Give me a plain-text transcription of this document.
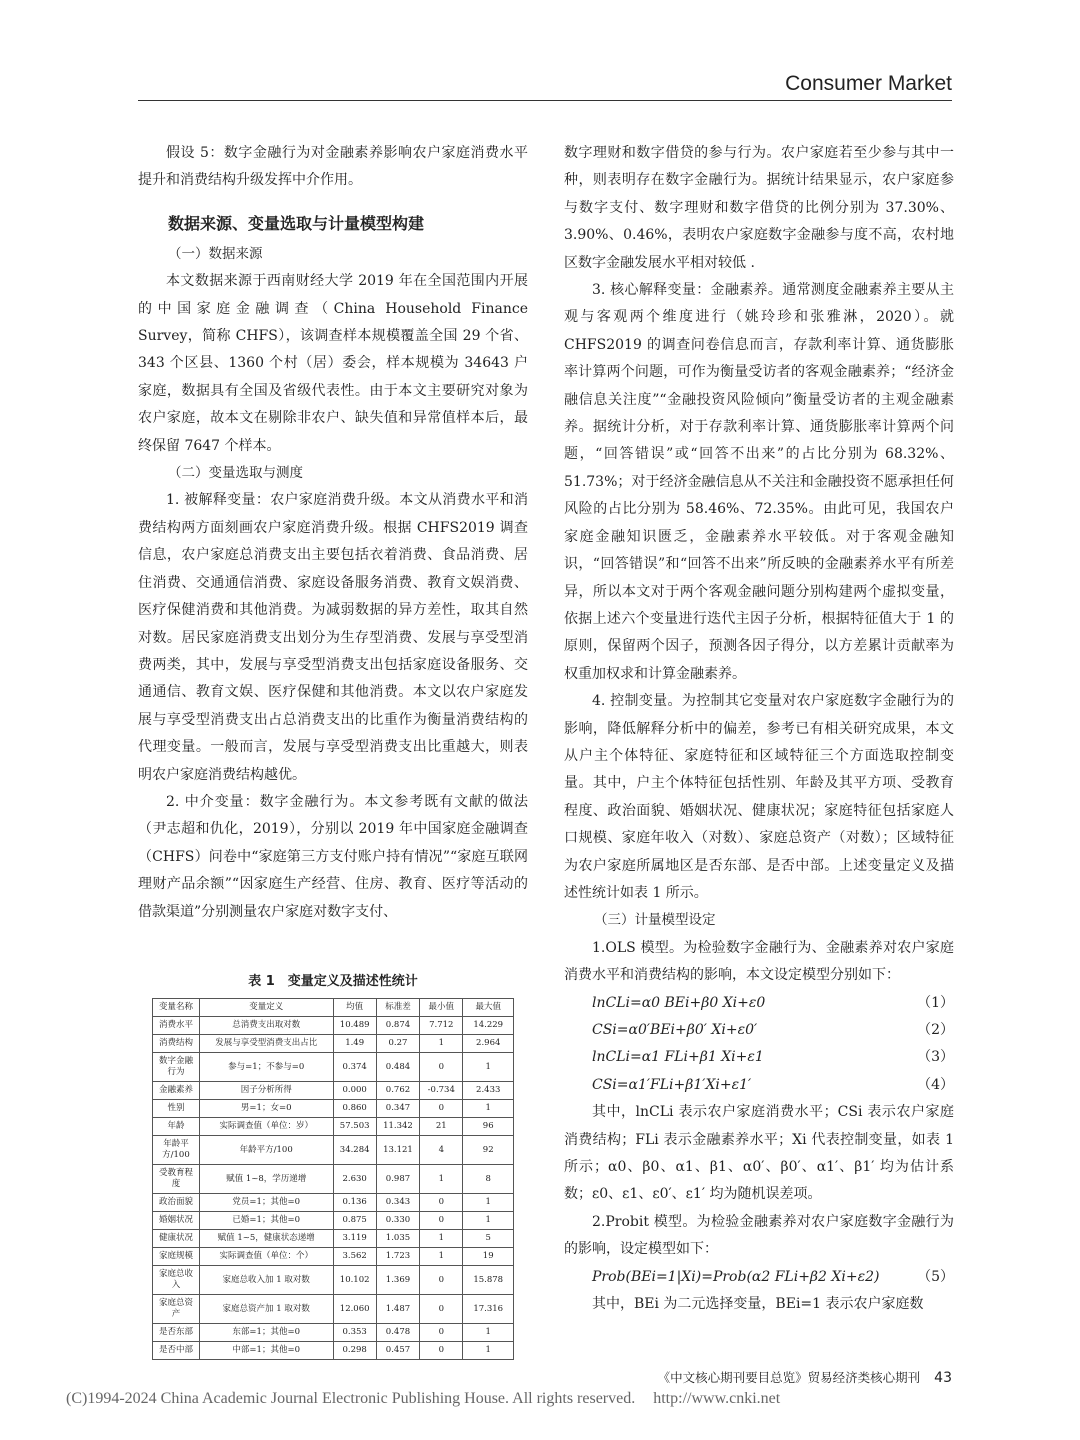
Consumer Market

假设 5：数字金融行为对金融素养影响农户家庭消费水平提升和消费结构升级发挥中介作用。

数据来源、变量选取与计量模型构建

（一）数据来源

本文数据来源于西南财经大学 2019 年在全国范围内开展的中国家庭金融调查（China Household Finance Survey，简称 CHFS），该调查样本规模覆盖全国 29 个省、343 个区县、1360 个村（居）委会，样本规模为 34643 户家庭，数据具有全国及省级代表性。由于本文主要研究对象为农户家庭，故本文在剔除非农户、缺失值和异常值样本后，最终保留 7647 个样本。

（二）变量选取与测度

1. 被解释变量：农户家庭消费升级。本文从消费水平和消费结构两方面刻画农户家庭消费升级。根据 CHFS2019 调查信息，农户家庭总消费支出主要包括衣着消费、食品消费、居住消费、交通通信消费、家庭设备服务消费、教育文娱消费、医疗保健消费和其他消费。为减弱数据的异方差性，取其自然对数。居民家庭消费支出划分为生存型消费、发展与享受型消费两类，其中，发展与享受型消费支出包括家庭设备服务、交通通信、教育文娱、医疗保健和其他消费。本文以农户家庭发展与享受型消费支出占总消费支出的比重作为衡量消费结构的代理变量。一般而言，发展与享受型消费支出比重越大，则表明农户家庭消费结构越优。

2. 中介变量：数字金融行为。本文参考既有文献的做法（尹志超和仇化，2019），分别以 2019 年中国家庭金融调查（CHFS）问卷中“家庭第三方支付账户持有情况”“家庭互联网理财产品余额”“因家庭生产经营、住房、教育、医疗等活动的借款渠道”分别测量农户家庭对数字支付、

表 1　变量定义及描述性统计
变量名称	变量定义	均值	标准差	最小值	最大值
消费水平	总消费支出取对数	10.489	0.874	7.712	14.229
消费结构	发展与享受型消费支出占比	1.49	0.27	1	2.964
数字金融行为	参与=1；不参与=0	0.374	0.484	0	1
金融素养	因子分析所得	0.000	0.762	-0.734	2.433
性别	男=1；女=0	0.860	0.347	0	1
年龄	实际调查值（单位：岁）	57.503	11.342	21	96
年龄平方/100	年龄平方/100	34.284	13.121	4	92
受教育程度	赋值 1~8，学历递增	2.630	0.987	1	8
政治面貌	党员=1；其他=0	0.136	0.343	0	1
婚姻状况	已婚=1；其他=0	0.875	0.330	0	1
健康状况	赋值 1~5，健康状态递增	3.119	1.035	1	5
家庭规模	实际调查值（单位：个）	3.562	1.723	1	19
家庭总收入	家庭总收入加 1 取对数	10.102	1.369	0	15.878
家庭总资产	家庭总资产加 1 取对数	12.060	1.487	0	17.316
是否东部	东部=1；其他=0	0.353	0.478	0	1
是否中部	中部=1；其他=0	0.298	0.457	0	1

数字理财和数字借贷的参与行为。农户家庭若至少参与其中一种，则表明存在数字金融行为。据统计结果显示，农户家庭参与数字支付、数字理财和数字借贷的比例分别为 37.30%、3.90%、0.46%，表明农户家庭数字金融参与度不高，农村地区数字金融发展水平相对较低 .

3. 核心解释变量：金融素养。通常测度金融素养主要从主观与客观两个维度进行（姚玲珍和张雅淋，2020）。就 CHFS2019 的调查问卷信息而言，存款利率计算、通货膨胀率计算两个问题，可作为衡量受访者的客观金融素养；“经济金融信息关注度”“金融投资风险倾向”衡量受访者的主观金融素养。据统计分析，对于存款利率计算、通货膨胀率计算两个问题，“回答错误”或“回答不出来”的占比分别为 68.32%、51.73%；对于经济金融信息从不关注和金融投资不愿承担任何风险的占比分别为 58.46%、72.35%。由此可见，我国农户家庭金融知识匮乏，金融素养水平较低。对于客观金融知识，“回答错误”和“回答不出来”所反映的金融素养水平有所差异，所以本文对于两个客观金融问题分别构建两个虚拟变量，依据上述六个变量进行迭代主因子分析，根据特征值大于 1 的原则，保留两个因子，预测各因子得分，以方差累计贡献率为权重加权求和计算金融素养。

4. 控制变量。为控制其它变量对农户家庭数字金融行为的影响，降低解释分析中的偏差，参考已有相关研究成果，本文从户主个体特征、家庭特征和区域特征三个方面选取控制变量。其中，户主个体特征包括性别、年龄及其平方项、受教育程度、政治面貌、婚姻状况、健康状况；家庭特征包括家庭人口规模、家庭年收入（对数）、家庭总资产（对数）；区域特征为农户家庭所属地区是否东部、是否中部。上述变量定义及描述性统计如表 1 所示。

（三）计量模型设定

1.OLS 模型。为检验数字金融行为、金融素养对农户家庭消费水平和消费结构的影响，本文设定模型分别如下：

lnCLi=α0 BEi+β0 Xi+ε0	（1）
CSi=α0′BEi+β0′ Xi+ε0′	（2）
lnCLi=α1 FLi+β1 Xi+ε1	（3）
CSi=α1′FLi+β1′Xi+ε1′	（4）

其中，lnCLi 表示农户家庭消费水平；CSi 表示农户家庭消费结构；FLi 表示金融素养水平；Xi 代表控制变量，如表 1 所示；α0、β0、α1、β1、α0′、β0′、α1′、β1′ 均为估计系数；ε0、ε1、ε0′、ε1′ 均为随机误差项。

2.Probit 模型。为检验金融素养对农户家庭数字金融行为的影响，设定模型如下：

Prob(BEi=1|Xi)=Prob(α2 FLi+β2 Xi+ε2)	（5）

其中，BEi 为二元选择变量，BEi=1 表示农户家庭数

《中文核心期刊要目总览》贸易经济类核心期刊 43
(C)1994-2024 China Academic Journal Electronic Publishing House. All rights reserved. http://www.cnki.net
